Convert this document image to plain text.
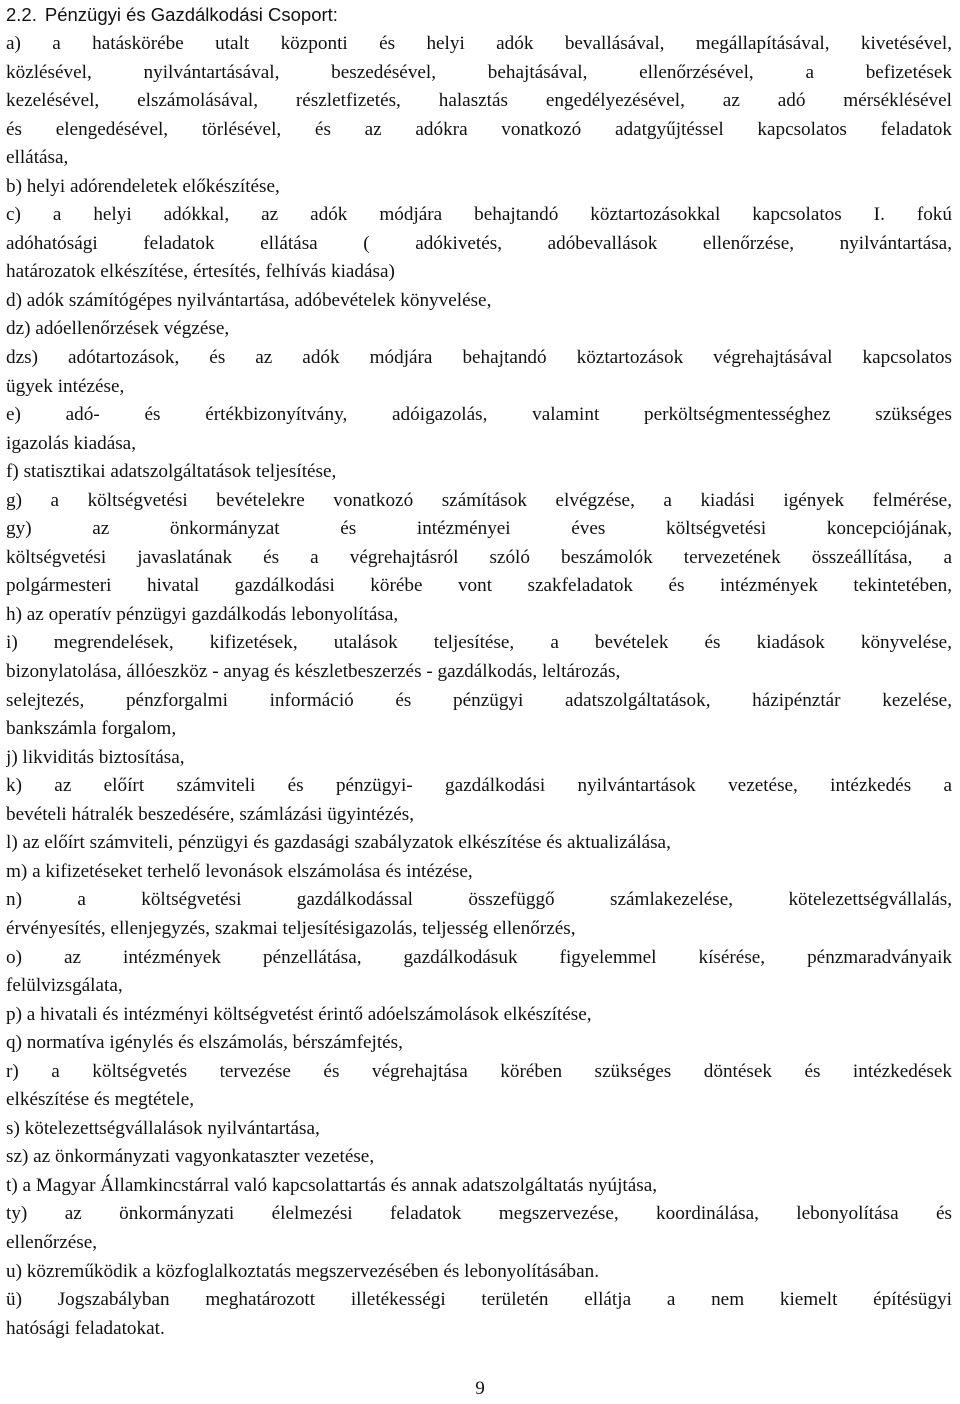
2.2. Pénzügyi és Gazdálkodási Csoport:
a) a hatáskörébe utalt központi és helyi adók bevallásával, megállapításával, kivetésével,
közlésével, nyilvántartásával, beszedésével, behajtásával, ellenőrzésével, a befizetések
kezelésével, elszámolásával, részletfizetés, halasztás engedélyezésével, az adó mérséklésével
és elengedésével, törlésével, és az adókra vonatkozó adatgyűjtéssel kapcsolatos feladatok
ellátása,
b) helyi adórendeletek előkészítése,
c) a helyi adókkal, az adók módjára behajtandó köztartozásokkal kapcsolatos I. fokú
adóhatósági feladatok ellátása ( adókivetés, adóbevallások ellenőrzése, nyilvántartása,
határozatok elkészítése, értesítés, felhívás kiadása)
d) adók számítógépes nyilvántartása, adóbevételek könyvelése,
dz) adóellenőrzések végzése,
dzs) adótartozások, és az adók módjára behajtandó köztartozások végrehajtásával kapcsolatos
ügyek intézése,
e) adó- és értékbizonyítvány, adóigazolás, valamint perköltségmentességhez szükséges
igazolás kiadása,
f) statisztikai adatszolgáltatások teljesítése,
g) a költségvetési bevételekre vonatkozó számítások elvégzése, a kiadási igények felmérése,
gy) az önkormányzat és intézményei éves költségvetési koncepciójának,
költségvetési javaslatának és a végrehajtásról szóló beszámolók tervezetének összeállítása, a
polgármesteri hivatal gazdálkodási körébe vont szakfeladatok és intézmények tekintetében,
h) az operatív pénzügyi gazdálkodás lebonyolítása,
i) megrendelések, kifizetések, utalások teljesítése, a bevételek és kiadások könyvelése,
bizonylatolása, állóeszköz - anyag és készletbeszerzés - gazdálkodás, leltározás,
selejtezés, pénzforgalmi információ és pénzügyi adatszolgáltatások, házipénztár kezelése,
bankszámla forgalom,
j) likviditás biztosítása,
k) az előírt számviteli és pénzügyi- gazdálkodási nyilvántartások vezetése, intézkedés a
bevételi hátralék beszedésére, számlázási ügyintézés,
l) az előírt számviteli, pénzügyi és gazdasági szabályzatok elkészítése és aktualizálása,
m) a kifizetéseket terhelő levonások elszámolása és intézése,
n) a költségvetési gazdálkodással összefüggő számlakezelése, kötelezettségvállalás,
érvényesítés, ellenjegyzés, szakmai teljesítésigazolás, teljesség ellenőrzés,
o) az intézmények pénzellátása, gazdálkodásuk figyelemmel kísérése, pénzmaradványaik
felülvizsgálata,
p) a hivatali és intézményi költségvetést érintő adóelszámolások elkészítése,
q) normatíva igénylés és elszámolás, bérszámfejtés,
r) a költségvetés tervezése és végrehajtása körében szükséges döntések és intézkedések
elkészítése és megtétele,
s) kötelezettségvállalások nyilvántartása,
sz) az önkormányzati vagyonkataszter vezetése,
t) a Magyar Államkincstárral való kapcsolattartás és annak adatszolgáltatás nyújtása,
ty) az önkormányzati élelmezési feladatok megszervezése, koordinálása, lebonyolítása és
ellenőrzése,
u) közreműködik a közfoglalkoztatás megszervezésében és lebonyolításában.
ü) Jogszabályban meghatározott illetékességi területén ellátja a nem kiemelt építésügyi
hatósági feladatokat.
9
